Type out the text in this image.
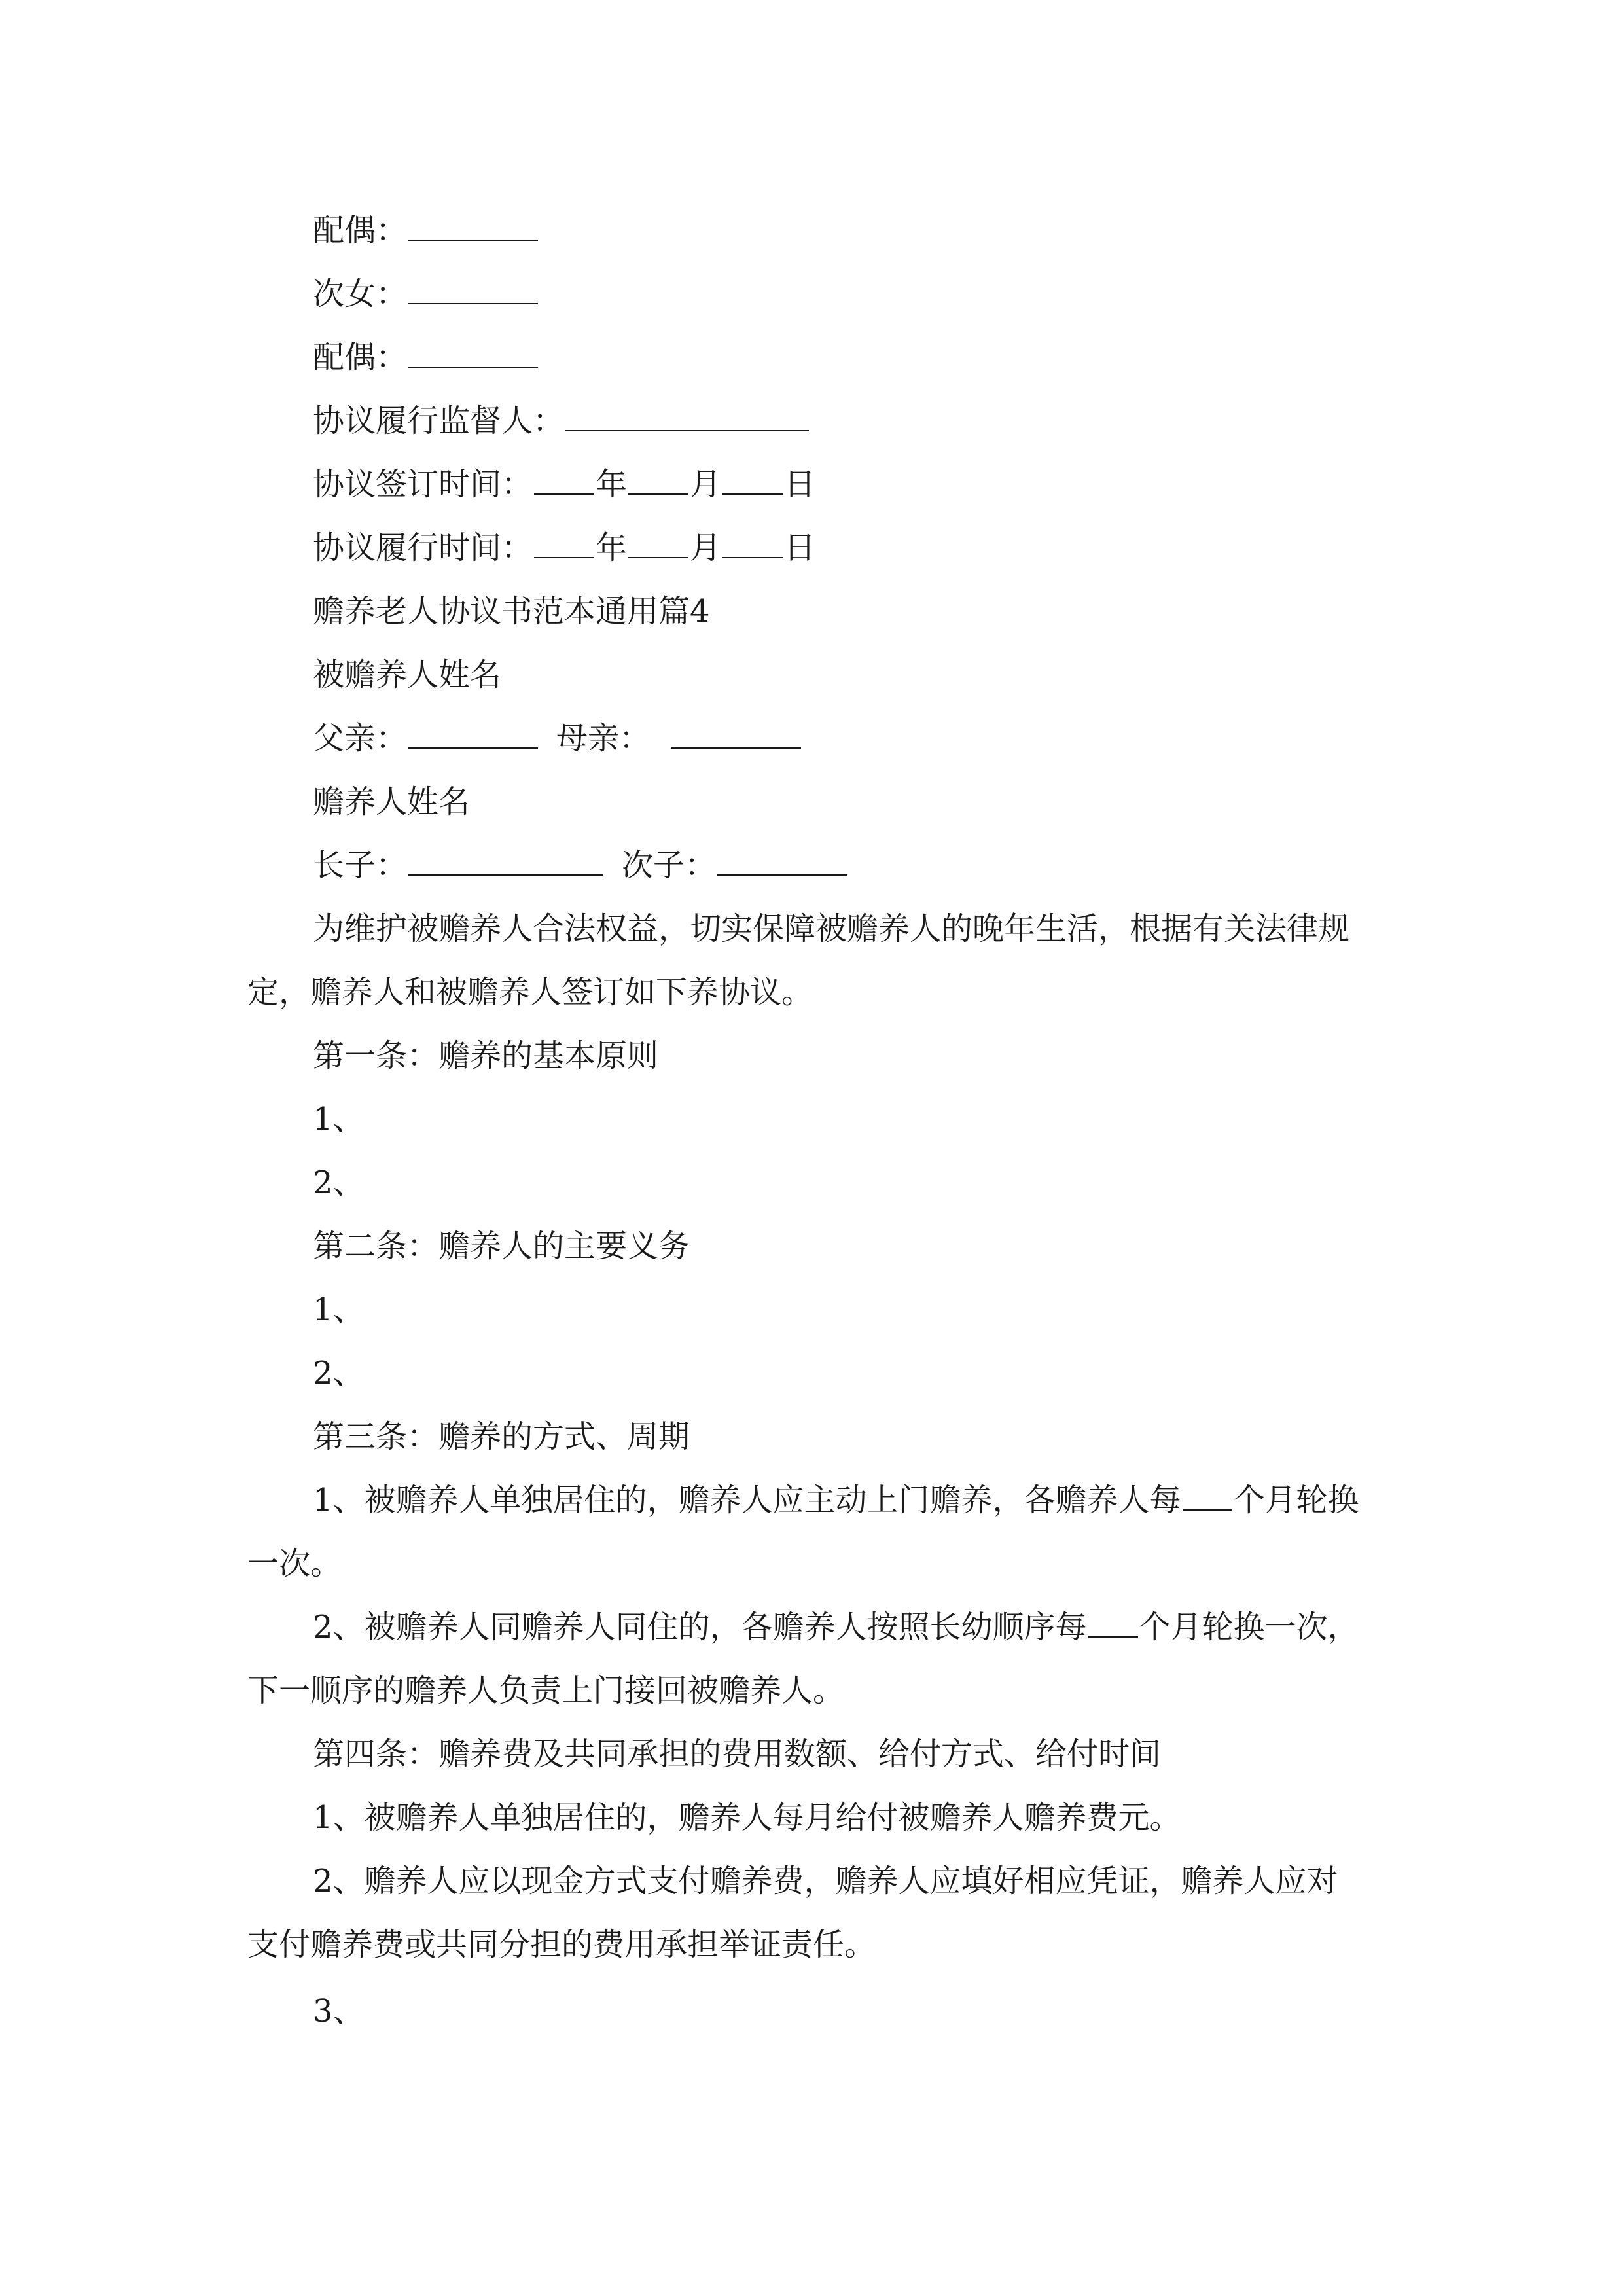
配偶：
次女：
配偶：
协议履行监督人：
协议签订时间： 年 月 日
协议履行时间： 年 月 日
赡养老人协议书范本通用篇4
被赡养人姓名
父亲：	母亲：
赡养人姓名
长子：	次子：
为维护被赡养人合法权益，切实保障被赡养人的晚年生活，根据有关法律规
定，赡养人和被赡养人签订如下养协议。
第一条：赡养的基本原则
1、
2、
第二条：赡养人的主要义务
1、
2、
第三条：赡养的方式、周期
1、被赡养人单独居住的，赡养人应主动上门赡养，各赡养人每 个月轮换
一次。
2、被赡养人同赡养人同住的，各赡养人按照长幼顺序每 个月轮换一次，
下一顺序的赡养人负责上门接回被赡养人。
第四条：赡养费及共同承担的费用数额、给付方式、给付时间
1、被赡养人单独居住的，赡养人每月给付被赡养人赡养费元。
2、赡养人应以现金方式支付赡养费，赡养人应填好相应凭证，赡养人应对
支付赡养费或共同分担的费用承担举证责任。
3、
